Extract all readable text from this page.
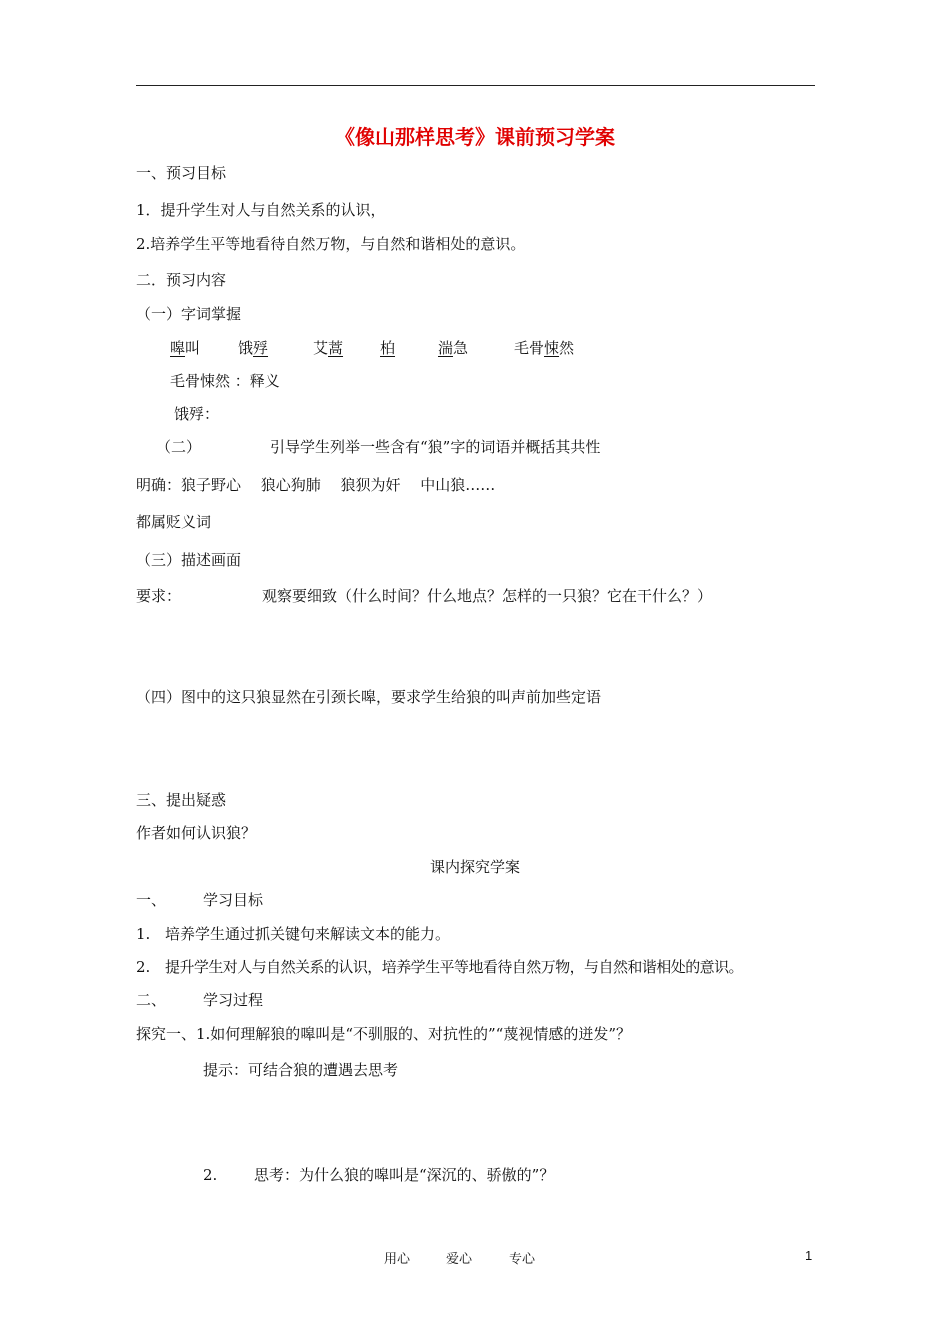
《像山那样思考》课前预习学案
一、预习目标
1．提升学生对人与自然关系的认识，
2.培养学生平等地看待自然万物，与自然和谐相处的意识。
二．预习内容
（一）字词掌握
嗥叫	饿殍	艾蒿 柏	湍急	毛骨悚然
毛骨悚然 ：释义
饿殍：
（二）	引导学生列举一些含有“狼”字的词语并概括其共性
明确：狼子野心　 狼心狗肺　 狼狈为奸　 中山狼……
都属贬义词
（三）描述画面
要求：	观察要细致（什么时间？什么地点？怎样的一只狼？它在干什么？）
（四）图中的这只狼显然在引颈长嗥，要求学生给狼的叫声前加些定语
三、提出疑惑
作者如何认识狼？
课内探究学案
一、 学习目标
1. 培养学生通过抓关键句来解读文本的能力。
2. 提升学生对人与自然关系的认识，培养学生平等地看待自然万物，与自然和谐相处的意识。
二、 学习过程
探究一、1.如何理解狼的嗥叫是“不驯服的、对抗性的”“蔑视情感的迸发”？
提示：可结合狼的遭遇去思考
2. 思考：为什么狼的嗥叫是“深沉的、骄傲的”？
用心	爱心	专心	1
